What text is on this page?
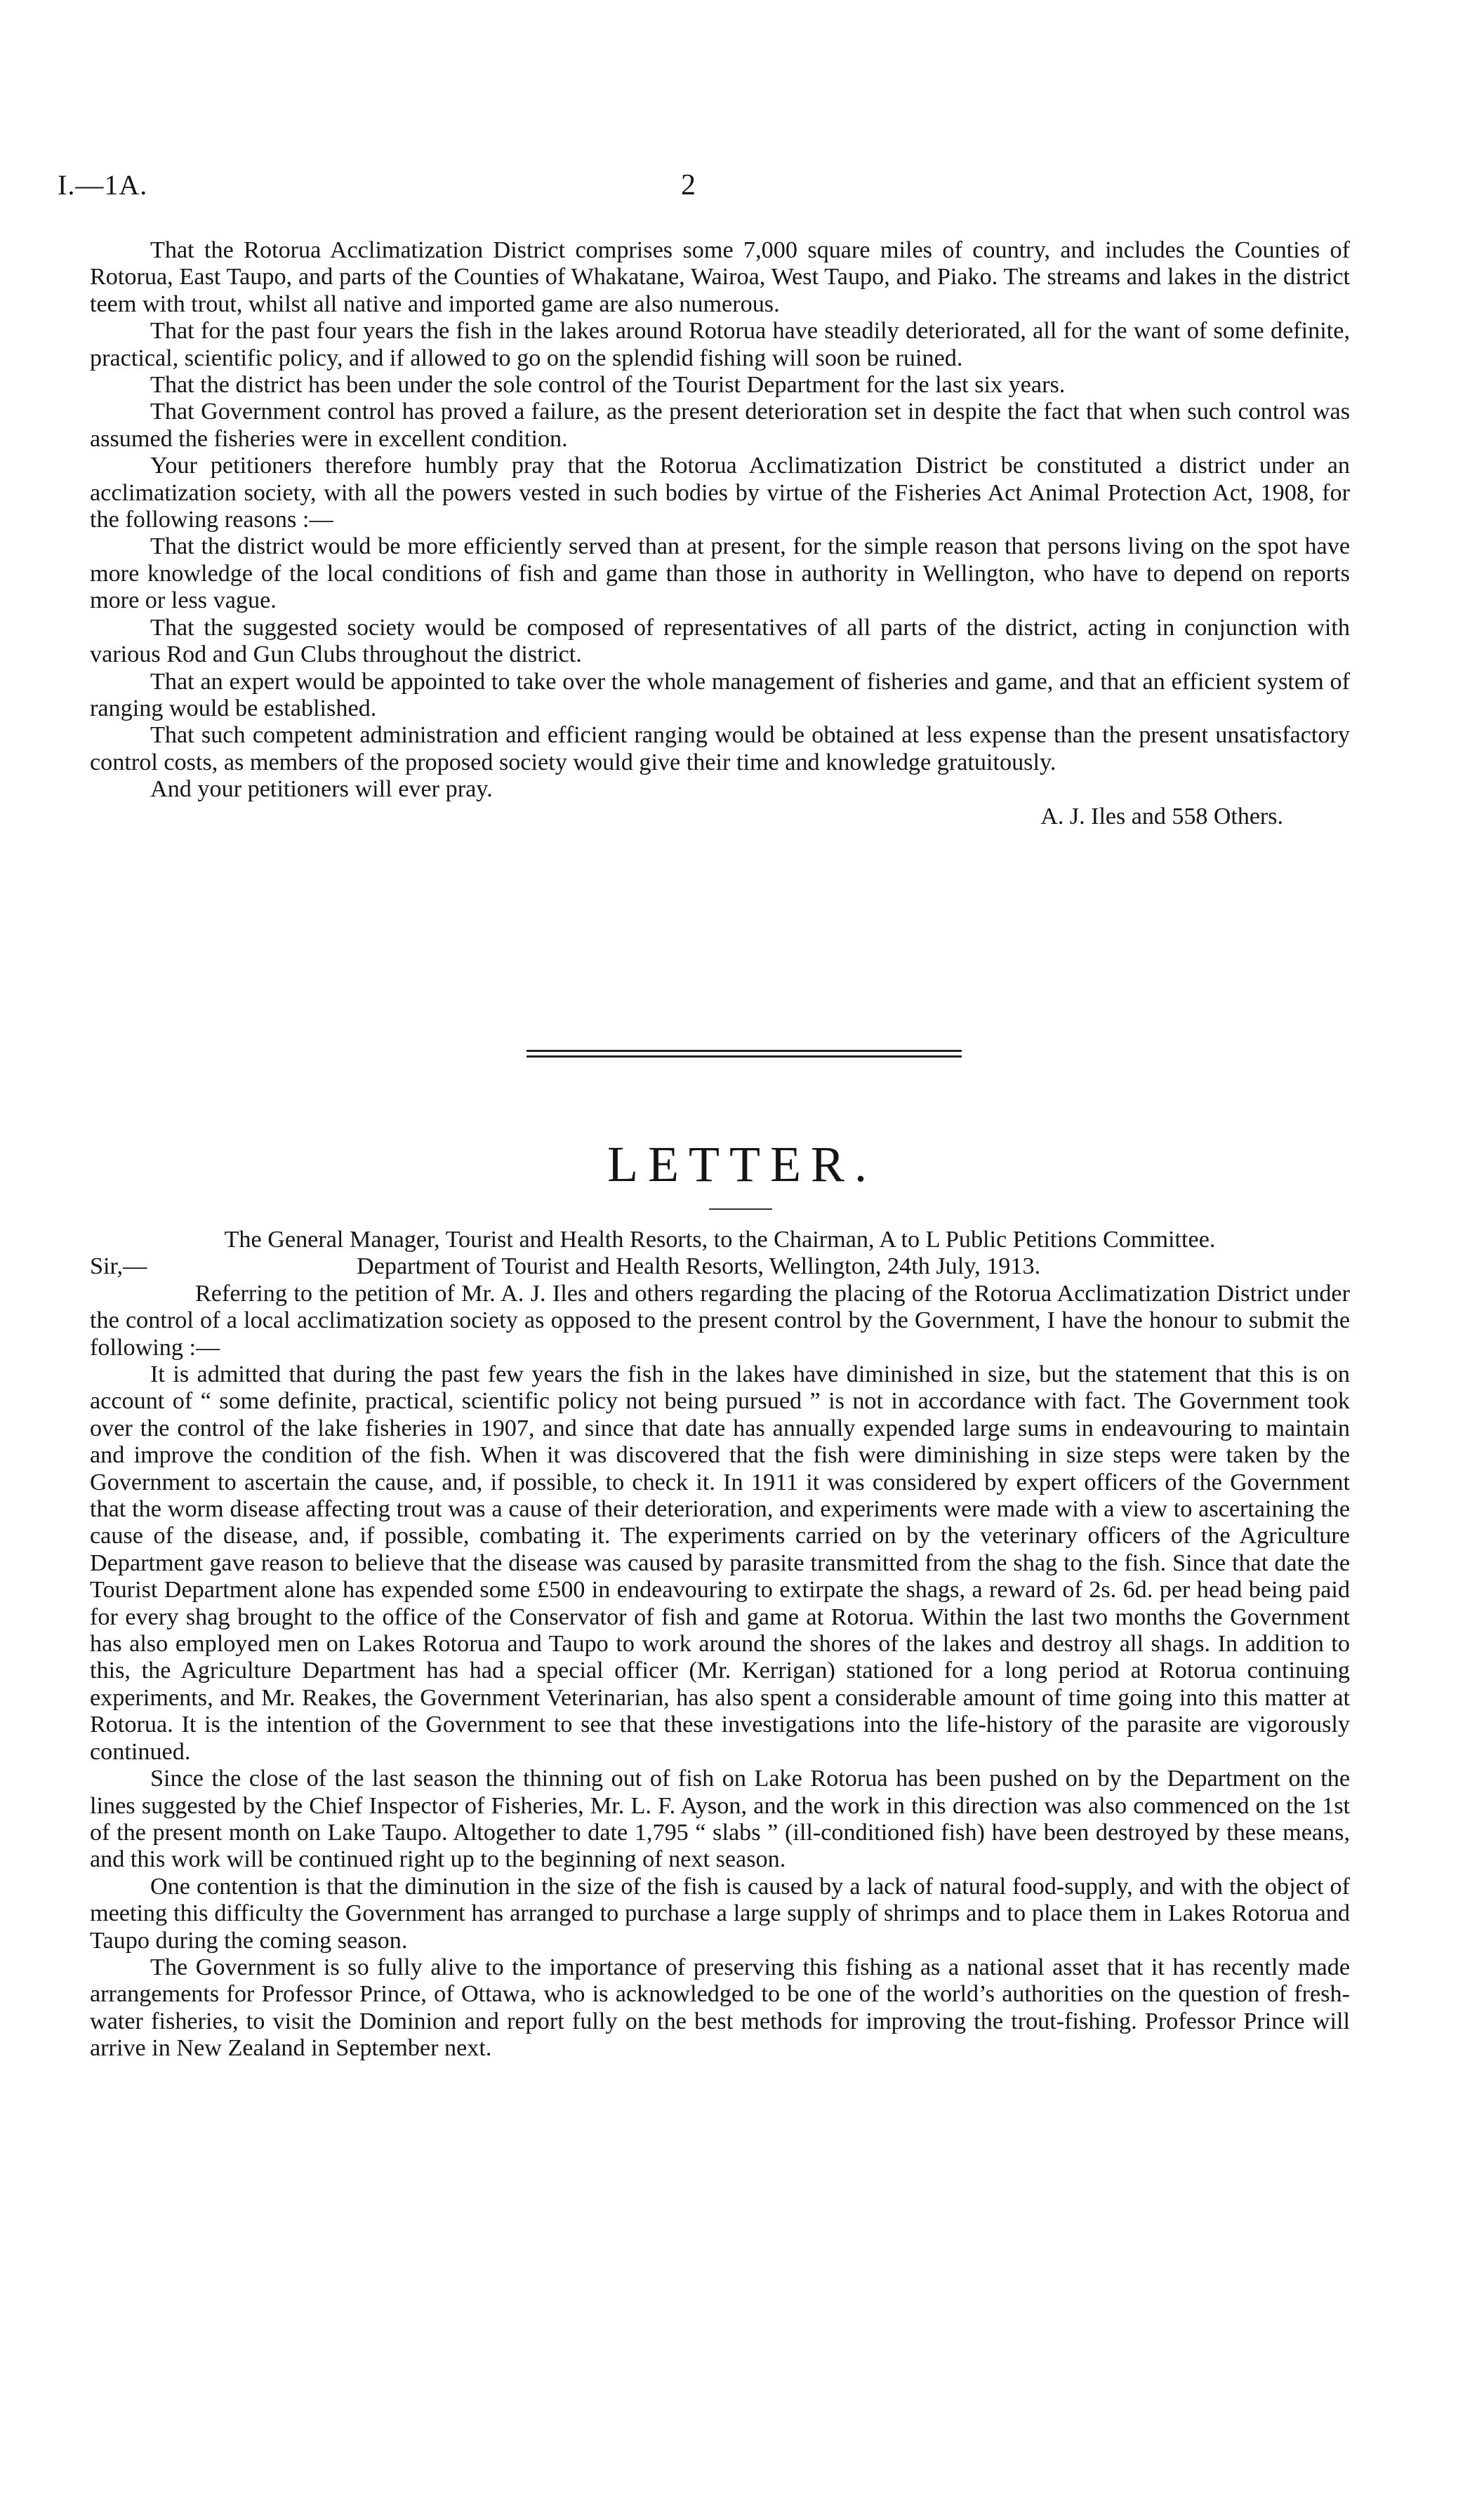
I.—1A.	2

That the Rotorua Acclimatization District comprises some 7,000 square miles of country, and includes the Counties of Rotorua, East Taupo, and parts of the Counties of Whakatane, Wairoa, West Taupo, and Piako. The streams and lakes in the district teem with trout, whilst all native and imported game are also numerous.

That for the past four years the fish in the lakes around Rotorua have steadily deteriorated, all for the want of some definite, practical, scientific policy, and if allowed to go on the splendid fishing will soon be ruined.

That the district has been under the sole control of the Tourist Department for the last six years.

That Government control has proved a failure, as the present deterioration set in despite the fact that when such control was assumed the fisheries were in excellent condition.

Your petitioners therefore humbly pray that the Rotorua Acclimatization District be constituted a district under an acclimatization society, with all the powers vested in such bodies by virtue of the Fisheries Act Animal Protection Act, 1908, for the following reasons :—

That the district would be more efficiently served than at present, for the simple reason that persons living on the spot have more knowledge of the local conditions of fish and game than those in authority in Wellington, who have to depend on reports more or less vague.

That the suggested society would be composed of representatives of all parts of the district, acting in conjunction with various Rod and Gun Clubs throughout the district.

That an expert would be appointed to take over the whole management of fisheries and game, and that an efficient system of ranging would be established.

That such competent administration and efficient ranging would be obtained at less expense than the present unsatisfactory control costs, as members of the proposed society would give their time and knowledge gratuitously.

And your petitioners will ever pray.

A. J. Iles and 558 Others.

LETTER.

The General Manager, Tourist and Health Resorts, to the Chairman, A to L Public Petitions Committee.

Sir,—	Department of Tourist and Health Resorts, Wellington, 24th July, 1913.

Referring to the petition of Mr. A. J. Iles and others regarding the placing of the Rotorua Acclimatization District under the control of a local acclimatization society as opposed to the present control by the Government, I have the honour to submit the following :—

It is admitted that during the past few years the fish in the lakes have diminished in size, but the statement that this is on account of “ some definite, practical, scientific policy not being pursued ” is not in accordance with fact. The Government took over the control of the lake fisheries in 1907, and since that date has annually expended large sums in endeavouring to maintain and improve the condition of the fish. When it was discovered that the fish were diminishing in size steps were taken by the Government to ascertain the cause, and, if possible, to check it. In 1911 it was considered by expert officers of the Government that the worm disease affecting trout was a cause of their deterioration, and experiments were made with a view to ascertaining the cause of the disease, and, if possible, combating it. The experiments carried on by the veterinary officers of the Agriculture Department gave reason to believe that the disease was caused by parasite transmitted from the shag to the fish. Since that date the Tourist Department alone has expended some £500 in endeavouring to extirpate the shags, a reward of 2s. 6d. per head being paid for every shag brought to the office of the Conservator of fish and game at Rotorua. Within the last two months the Government has also employed men on Lakes Rotorua and Taupo to work around the shores of the lakes and destroy all shags. In addition to this, the Agriculture Department has had a special officer (Mr. Kerrigan) stationed for a long period at Rotorua continuing experiments, and Mr. Reakes, the Government Veterinarian, has also spent a considerable amount of time going into this matter at Rotorua. It is the intention of the Government to see that these investigations into the life-history of the parasite are vigorously continued.

Since the close of the last season the thinning out of fish on Lake Rotorua has been pushed on by the Department on the lines suggested by the Chief Inspector of Fisheries, Mr. L. F. Ayson, and the work in this direction was also commenced on the 1st of the present month on Lake Taupo. Altogether to date 1,795 “ slabs ” (ill-conditioned fish) have been destroyed by these means, and this work will be continued right up to the beginning of next season.

One contention is that the diminution in the size of the fish is caused by a lack of natural food-supply, and with the object of meeting this difficulty the Government has arranged to purchase a large supply of shrimps and to place them in Lakes Rotorua and Taupo during the coming season.

The Government is so fully alive to the importance of preserving this fishing as a national asset that it has recently made arrangements for Professor Prince, of Ottawa, who is acknowledged to be one of the world’s authorities on the question of fresh-water fisheries, to visit the Dominion and report fully on the best methods for improving the trout-fishing. Professor Prince will arrive in New Zealand in September next.
